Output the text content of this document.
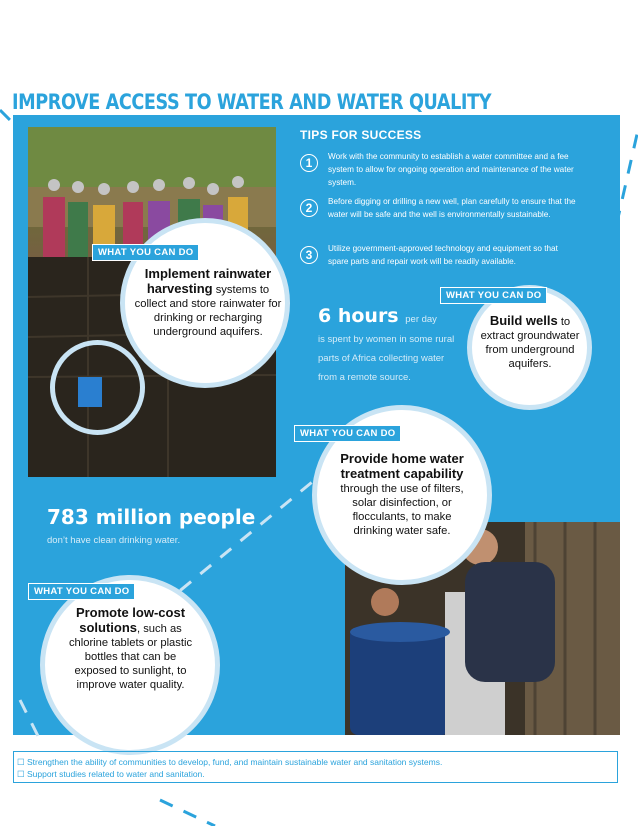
IMPROVE ACCESS TO WATER AND WATER QUALITY
TIPS FOR SUCCESS
1	Work with the community to establish a water committee and a fee system to allow for ongoing operation and maintenance of the water system.
2	Before digging or drilling a new well, plan carefully to ensure that the water will be safe and the well is environmentally sustainable.
3	Utilize government-approved technology and equipment so that spare parts and repair work will be readily available.
6 hours per day
is spent by women in some rural parts of Africa collecting water from a remote source.
783 million people
don’t have clean drinking water.
Implement rainwater harvesting systems to collect and store rainwater for drinking or recharging underground aquifers.
WHAT YOU CAN DO
Build wells to extract groundwater from underground aquifers.
WHAT YOU CAN DO
Provide home water treatment capability through the use of filters, solar disinfection, or flocculants, to make drinking water safe.
WHAT YOU CAN DO
Promote low-cost solutions, such as chlorine tablets or plastic bottles that can be exposed to sunlight, to improve water quality.
WHAT YOU CAN DO
☐ Strengthen the ability of communities to develop, fund, and maintain sustainable water and sanitation systems.
☐ Support studies related to water and sanitation.
